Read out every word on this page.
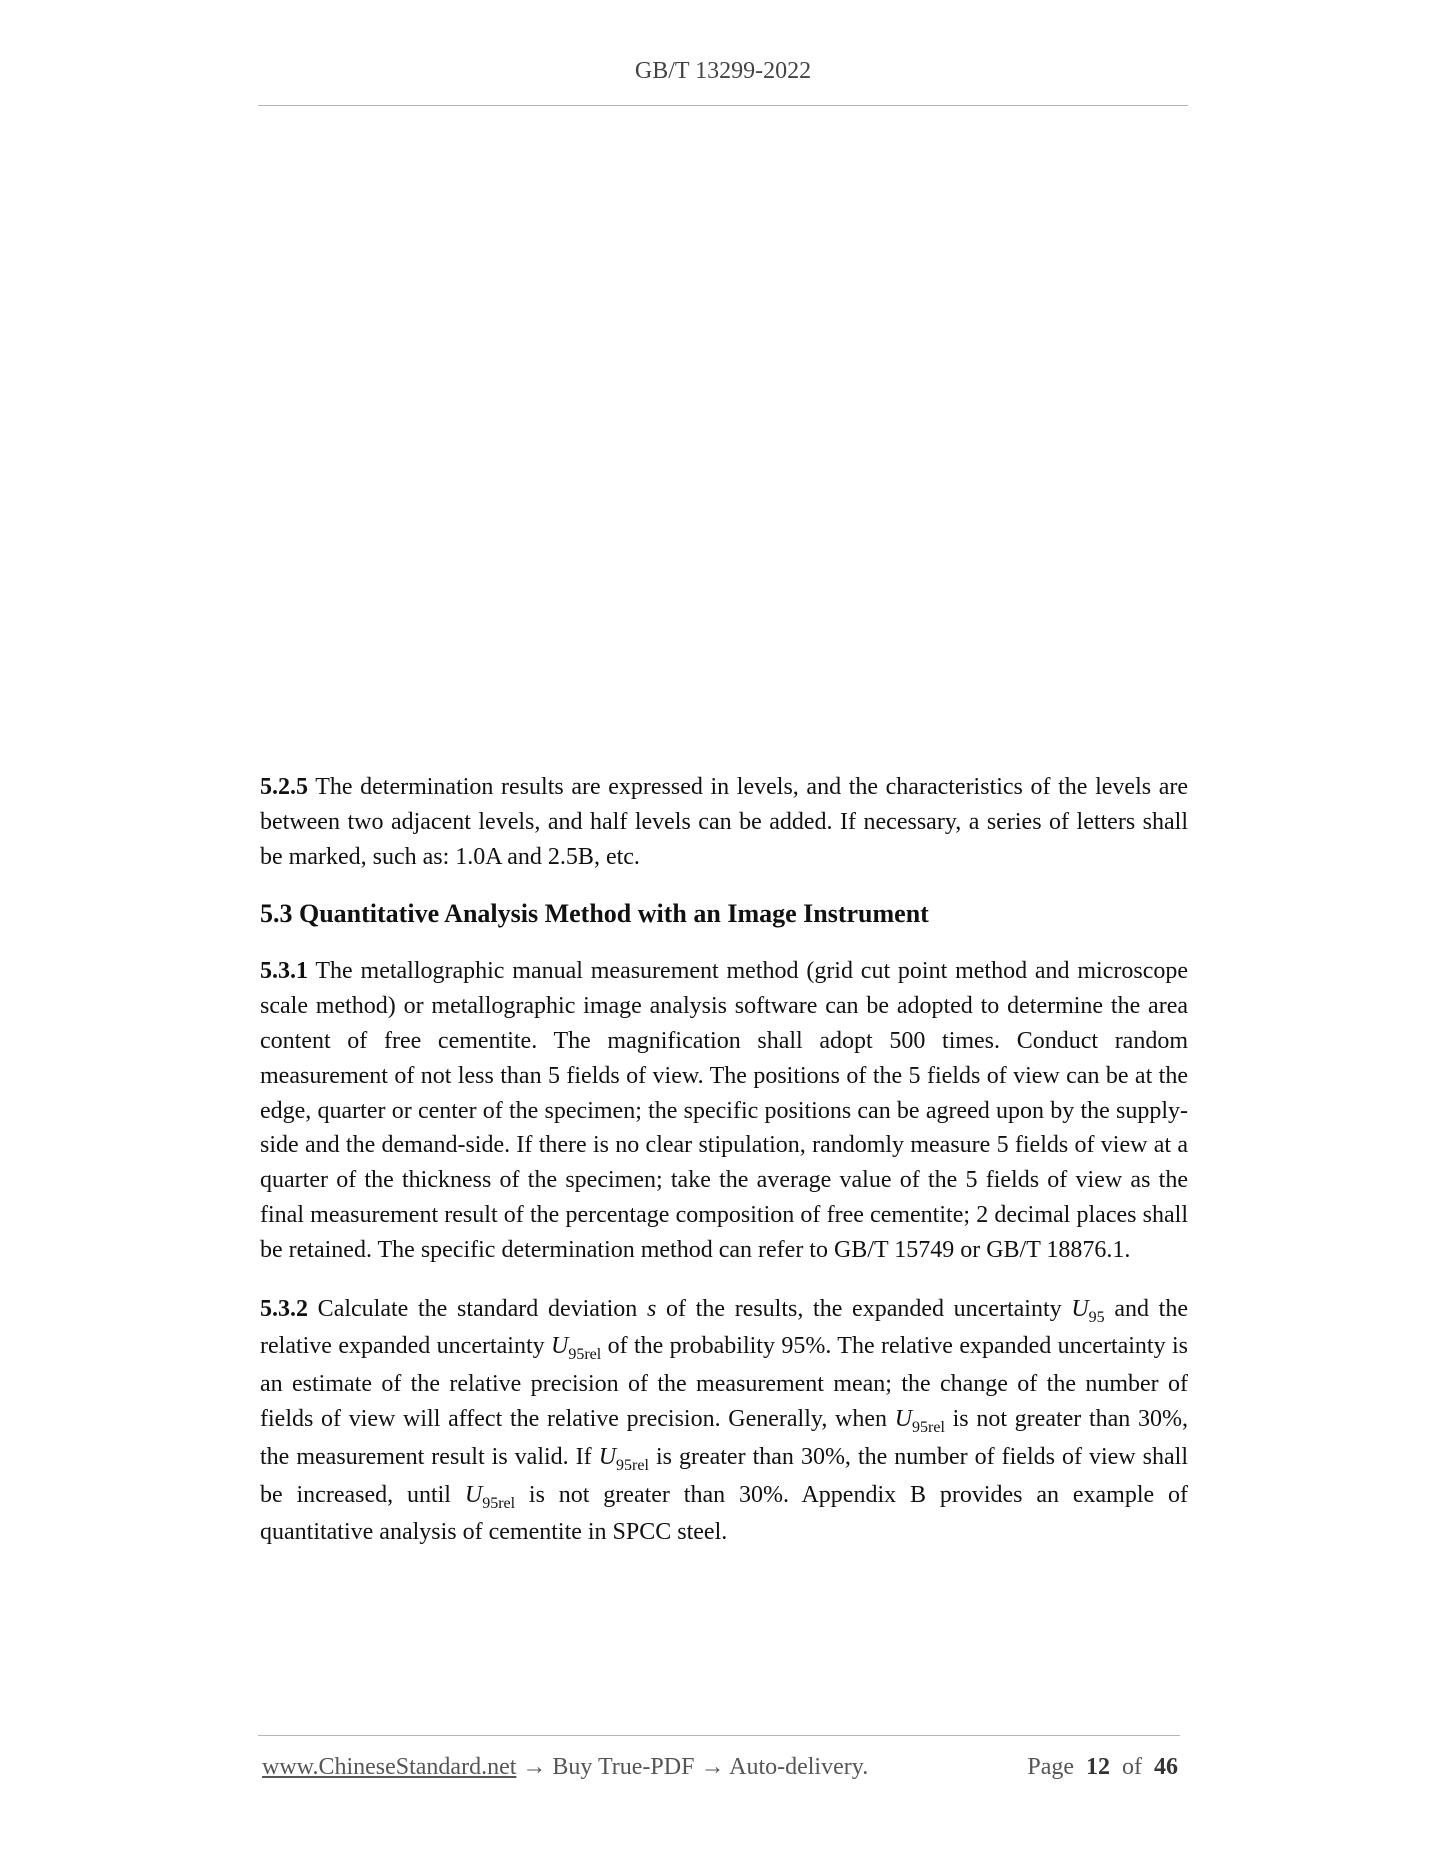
GB/T 13299-2022

5.2.5 The determination results are expressed in levels, and the characteristics of the levels are between two adjacent levels, and half levels can be added. If necessary, a series of letters shall be marked, such as: 1.0A and 2.5B, etc.

5.3 Quantitative Analysis Method with an Image Instrument

5.3.1 The metallographic manual measurement method (grid cut point method and microscope scale method) or metallographic image analysis software can be adopted to determine the area content of free cementite. The magnification shall adopt 500 times. Conduct random measurement of not less than 5 fields of view. The positions of the 5 fields of view can be at the edge, quarter or center of the specimen; the specific positions can be agreed upon by the supply-side and the demand-side. If there is no clear stipulation, randomly measure 5 fields of view at a quarter of the thickness of the specimen; take the average value of the 5 fields of view as the final measurement result of the percentage composition of free cementite; 2 decimal places shall be retained. The specific determination method can refer to GB/T 15749 or GB/T 18876.1.

5.3.2 Calculate the standard deviation s of the results, the expanded uncertainty $U_{95}$ and the relative expanded uncertainty $U_{95rel}$ of the probability 95%. The relative expanded uncertainty is an estimate of the relative precision of the measurement mean; the change of the number of fields of view will affect the relative precision. Generally, when $U_{95rel}$ is not greater than 30%, the measurement result is valid. If $U_{95rel}$ is greater than 30%, the number of fields of view shall be increased, until $U_{95rel}$ is not greater than 30%. Appendix B provides an example of quantitative analysis of cementite in SPCC steel.

www.ChineseStandard.net → Buy True-PDF → Auto-delivery.	Page 12 of 46
